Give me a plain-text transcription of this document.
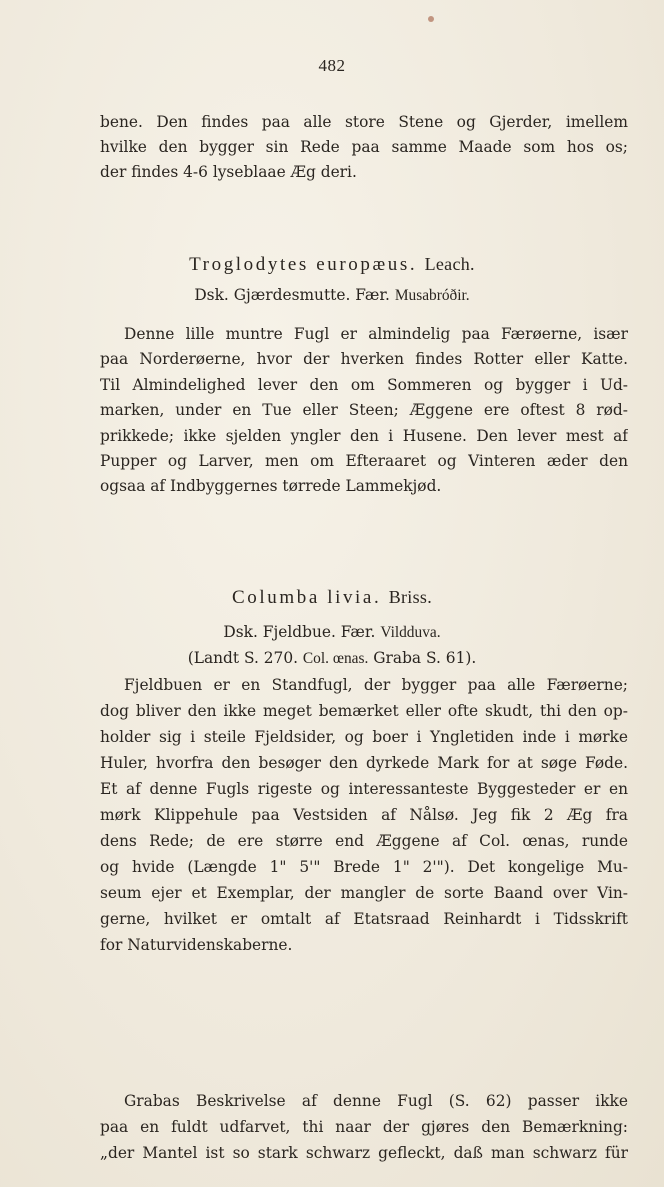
482
bene. Den findes paa alle store Stene og Gjerder, imellem
hvilke den bygger sin Rede paa samme Maade som hos os;
der findes 4-6 lyseblaae Æg deri.
Troglodytes europæus. Leach.
Dsk. Gjærdesmutte. Fær. Musabróðir.
Denne lille muntre Fugl er almindelig paa Færøerne, især
paa Norderøerne, hvor der hverken findes Rotter eller Katte.
Til Almindelighed lever den om Sommeren og bygger i Ud-
marken, under en Tue eller Steen; Æggene ere oftest 8 rød-
prikkede; ikke sjelden yngler den i Husene. Den lever mest af
Pupper og Larver, men om Efteraaret og Vinteren æder den
ogsaa af Indbyggernes tørrede Lammekjød.
Columba livia. Briss.
Dsk. Fjeldbue. Fær. Vildduva.
(Landt S. 270. Col. œnas. Graba S. 61).
Fjeldbuen er en Standfugl, der bygger paa alle Færøerne;
dog bliver den ikke meget bemærket eller ofte skudt, thi den op-
holder sig i steile Fjeldsider, og boer i Yngletiden inde i mørke
Huler, hvorfra den besøger den dyrkede Mark for at søge Føde.
Et af denne Fugls rigeste og interessanteste Byggesteder er en
mørk Klippehule paa Vestsiden af Nålsø. Jeg fik 2 Æg fra
dens Rede; de ere større end Æggene af Col. œnas, runde
og hvide (Længde 1" 5'" Brede 1" 2'"). Det kongelige Mu-
seum ejer et Exemplar, der mangler de sorte Baand over Vin-
gerne, hvilket er omtalt af Etatsraad Reinhardt i Tidsskrift
for Naturvidenskaberne.
Grabas Beskrivelse af denne Fugl (S. 62) passer ikke
paa en fuldt udfarvet, thi naar der gjøres den Bemærkning:
„der Mantel ist so stark schwarz gefleckt, daß man schwarz für
